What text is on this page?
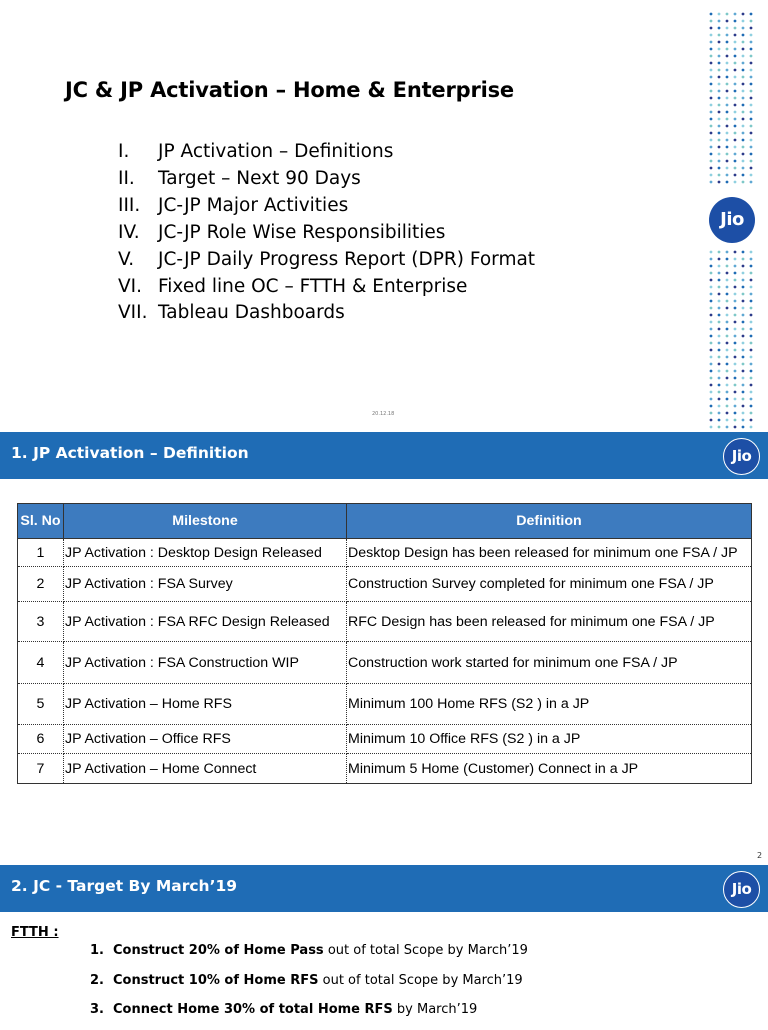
JC & JP Activation – Home & Enterprise
I. JP Activation – Definitions
II. Target – Next 90 Days
III. JC-JP Major Activities
IV. JC-JP Role Wise Responsibilities
V. JC-JP Daily Progress Report (DPR) Format
VI. Fixed line OC – FTTH & Enterprise
VII. Tableau Dashboards
Jio
20.12.18
1. JP Activation – Definition	Jio
Sl. No	Milestone	Definition
1	JP Activation : Desktop Design Released	Desktop Design has been released for minimum one FSA / JP
2	JP Activation : FSA Survey	Construction Survey completed for minimum one FSA / JP
3	JP Activation : FSA RFC Design Released	RFC Design has been released for minimum one FSA / JP
4	JP Activation : FSA Construction WIP	Construction work started for minimum one FSA / JP
5	JP Activation – Home RFS	Minimum 100 Home RFS (S2 ) in a JP
6	JP Activation – Office RFS	Minimum 10 Office RFS (S2 ) in a JP
7	JP Activation – Home Connect	Minimum 5 Home (Customer) Connect in a JP
2
2. JC - Target By March’19	Jio
FTTH :
1. Construct 20% of Home Pass out of total Scope by March’19
2. Construct 10% of Home RFS out of total Scope by March’19
3. Connect Home 30% of total Home RFS by March’19
